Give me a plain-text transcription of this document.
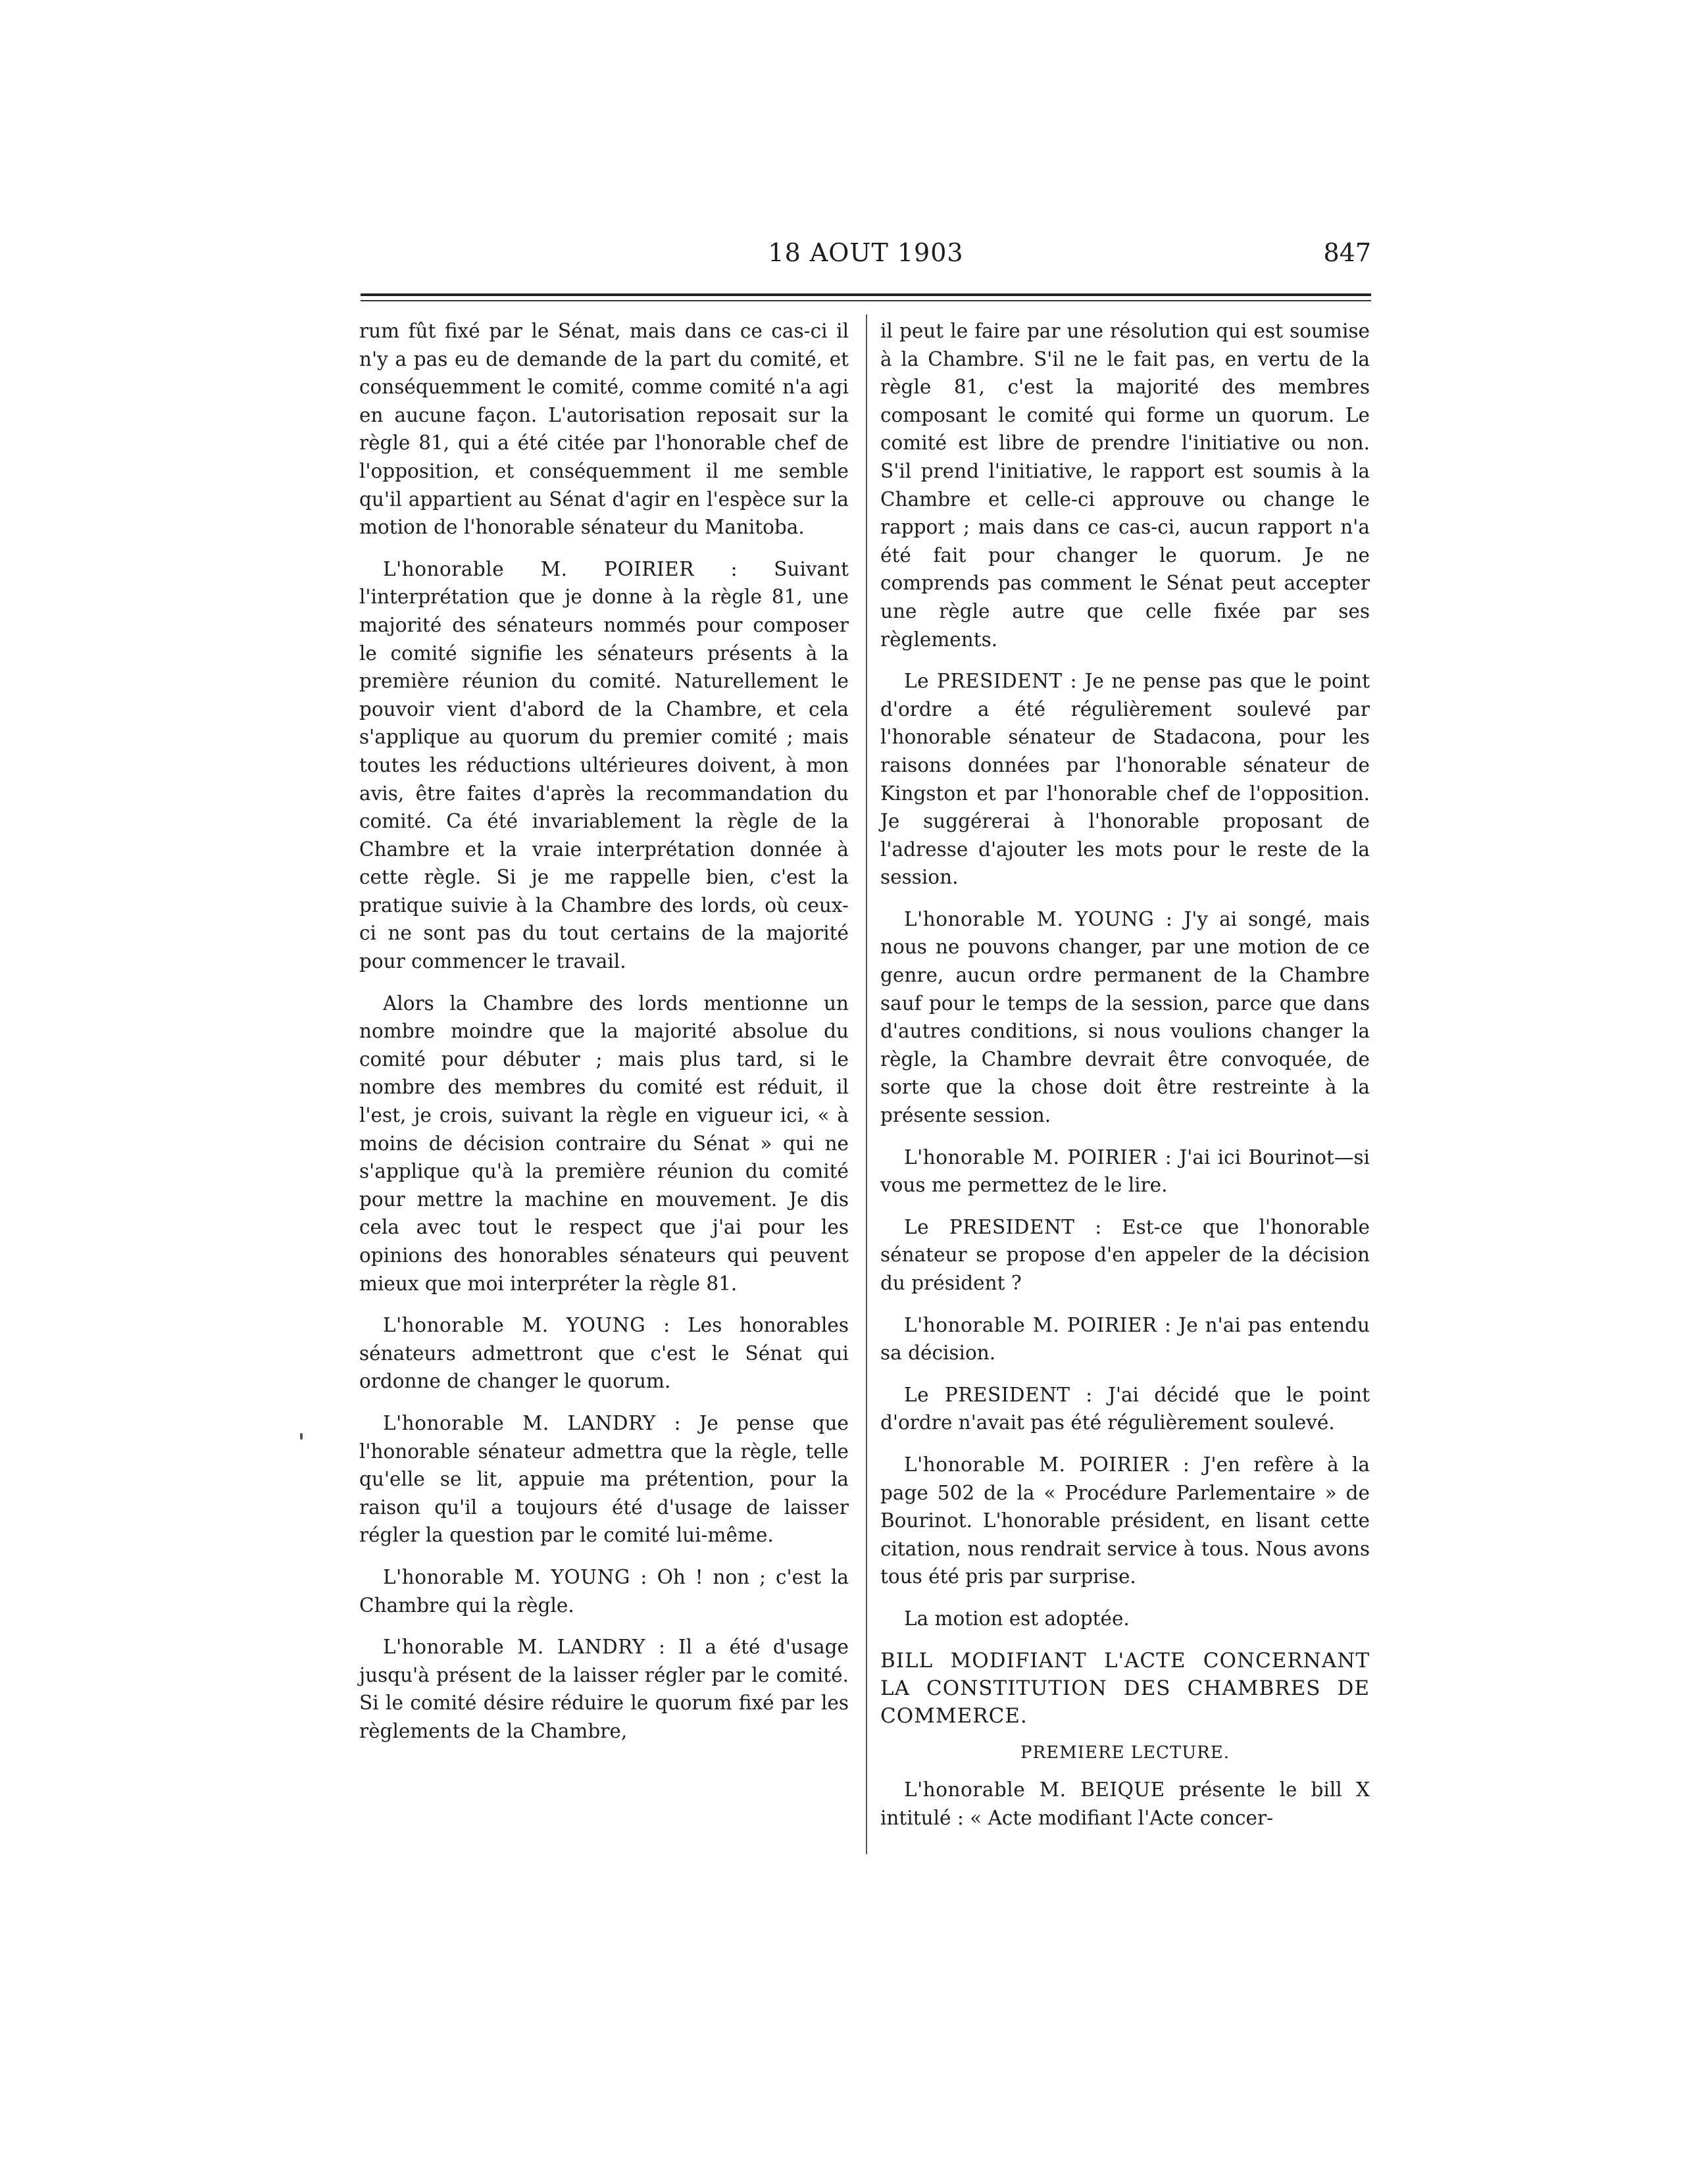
18 AOUT 1903	847

rum fût fixé par le Sénat, mais dans ce cas-ci il n'y a pas eu de demande de la part du comité, et conséquemment le comité, comme comité n'a agi en aucune façon. L'autorisation reposait sur la règle 81, qui a été citée par l'honorable chef de l'opposition, et conséquemment il me semble qu'il appartient au Sénat d'agir en l'espèce sur la motion de l'honorable sénateur du Manitoba.

L'honorable M. POIRIER : Suivant l'interprétation que je donne à la règle 81, une majorité des sénateurs nommés pour composer le comité signifie les sénateurs présents à la première réunion du comité. Naturellement le pouvoir vient d'abord de la Chambre, et cela s'applique au quorum du premier comité ; mais toutes les réductions ultérieures doivent, à mon avis, être faites d'après la recommandation du comité. Ca été invariablement la règle de la Chambre et la vraie interprétation donnée à cette règle. Si je me rappelle bien, c'est la pratique suivie à la Chambre des lords, où ceux-ci ne sont pas du tout certains de la majorité pour commencer le travail.

Alors la Chambre des lords mentionne un nombre moindre que la majorité absolue du comité pour débuter ; mais plus tard, si le nombre des membres du comité est réduit, il l'est, je crois, suivant la règle en vigueur ici, « à moins de décision contraire du Sénat » qui ne s'applique qu'à la première réunion du comité pour mettre la machine en mouvement. Je dis cela avec tout le respect que j'ai pour les opinions des honorables sénateurs qui peuvent mieux que moi interpréter la règle 81.

L'honorable M. YOUNG : Les honorables sénateurs admettront que c'est le Sénat qui ordonne de changer le quorum.

L'honorable M. LANDRY : Je pense que l'honorable sénateur admettra que la règle, telle qu'elle se lit, appuie ma prétention, pour la raison qu'il a toujours été d'usage de laisser régler la question par le comité lui-même.

L'honorable M. YOUNG : Oh ! non ; c'est la Chambre qui la règle.

L'honorable M. LANDRY : Il a été d'usage jusqu'à présent de la laisser régler par le comité. Si le comité désire réduire le quorum fixé par les règlements de la Chambre,

il peut le faire par une résolution qui est soumise à la Chambre. S'il ne le fait pas, en vertu de la règle 81, c'est la majorité des membres composant le comité qui forme un quorum. Le comité est libre de prendre l'initiative ou non. S'il prend l'initiative, le rapport est soumis à la Chambre et celle-ci approuve ou change le rapport ; mais dans ce cas-ci, aucun rapport n'a été fait pour changer le quorum. Je ne comprends pas comment le Sénat peut accepter une règle autre que celle fixée par ses règlements.

Le PRESIDENT : Je ne pense pas que le point d'ordre a été régulièrement soulevé par l'honorable sénateur de Stadacona, pour les raisons données par l'honorable sénateur de Kingston et par l'honorable chef de l'opposition. Je suggérerai à l'honorable proposant de l'adresse d'ajouter les mots pour le reste de la session.

L'honorable M. YOUNG : J'y ai songé, mais nous ne pouvons changer, par une motion de ce genre, aucun ordre permanent de la Chambre sauf pour le temps de la session, parce que dans d'autres conditions, si nous voulions changer la règle, la Chambre devrait être convoquée, de sorte que la chose doit être restreinte à la présente session.

L'honorable M. POIRIER : J'ai ici Bourinot—si vous me permettez de le lire.

Le PRESIDENT : Est-ce que l'honorable sénateur se propose d'en appeler de la décision du président ?

L'honorable M. POIRIER : Je n'ai pas entendu sa décision.

Le PRESIDENT : J'ai décidé que le point d'ordre n'avait pas été régulièrement soulevé.

L'honorable M. POIRIER : J'en refère à la page 502 de la « Procédure Parlementaire » de Bourinot. L'honorable président, en lisant cette citation, nous rendrait service à tous. Nous avons tous été pris par surprise.

La motion est adoptée.

BILL MODIFIANT L'ACTE CONCERNANT LA CONSTITUTION DES CHAMBRES DE COMMERCE.
PREMIERE LECTURE.

L'honorable M. BEIQUE présente le bill X intitulé : « Acte modifiant l'Acte concer-
